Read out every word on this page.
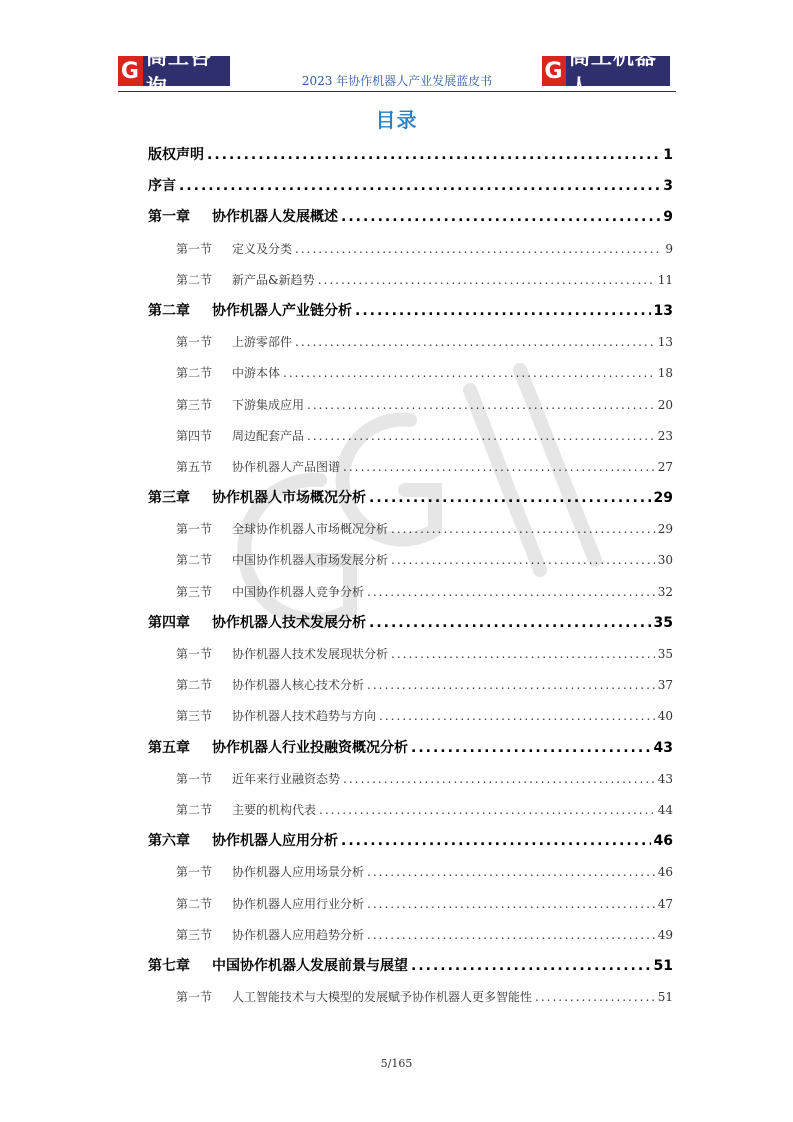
G
高工咨询	2023 年协作机器人产业发展蓝皮书	G
高工机器人
目录
版权声明 .....	1
序言 .....	3
第一章	协作机器人发展概述 .....	9
第一节	定义及分类 .....	9
第二节	新产品&新趋势 .....	11
第二章	协作机器人产业链分析 .....	13
第一节	上游零部件 .....	13
第二节	中游本体 .....	18
第三节	下游集成应用 .....	20
第四节	周边配套产品 .....	23
第五节	协作机器人产品图谱 .....	27
第三章	协作机器人市场概况分析 .....	29
第一节	全球协作机器人市场概况分析 .....	29
第二节	中国协作机器人市场发展分析 .....	30
第三节	中国协作机器人竞争分析 .....	32
第四章	协作机器人技术发展分析 .....	35
第一节	协作机器人技术发展现状分析 .....	35
第二节	协作机器人核心技术分析 .....	37
第三节	协作机器人技术趋势与方向 .....	40
第五章	协作机器人行业投融资概况分析 .....	43
第一节	近年来行业融资态势 .....	43
第二节	主要的机构代表 .....	44
第六章	协作机器人应用分析 .....	46
第一节	协作机器人应用场景分析 .....	46
第二节	协作机器人应用行业分析 .....	47
第三节	协作机器人应用趋势分析 .....	49
第七章	中国协作机器人发展前景与展望 .....	51
第一节	人工智能技术与大模型的发展赋予协作机器人更多智能性 .....	51
5/165
